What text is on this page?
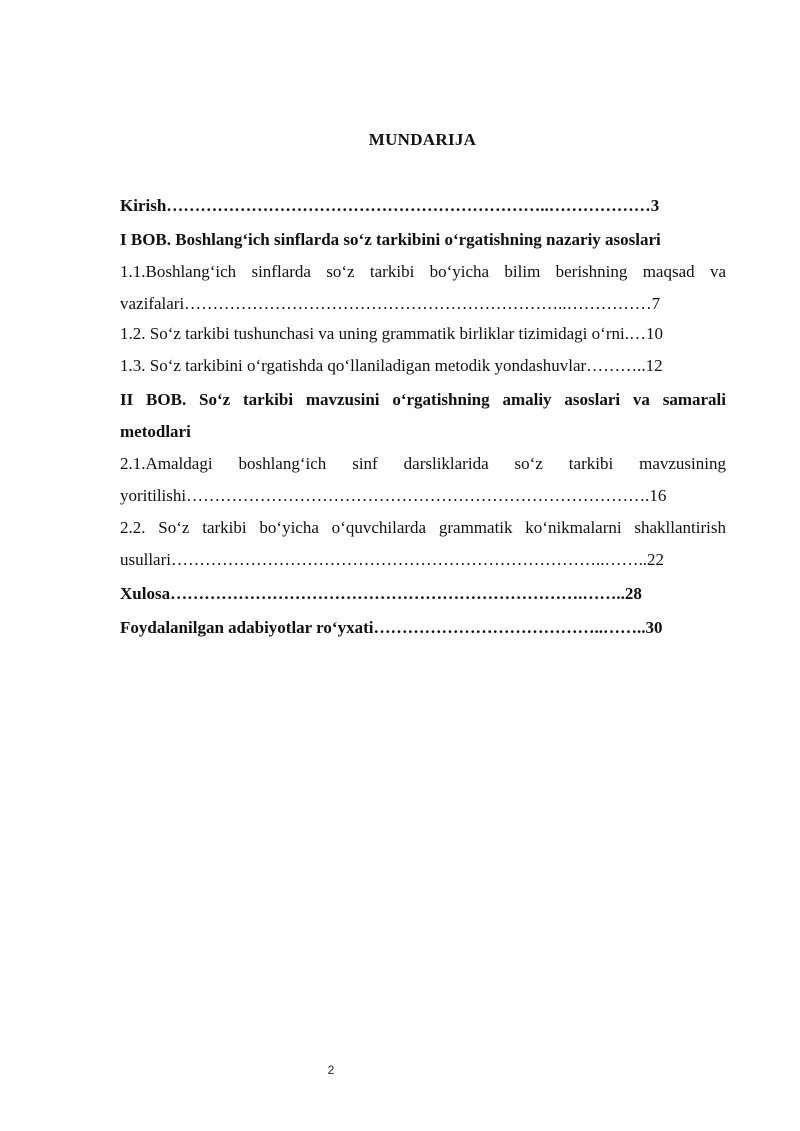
MUNDARIJA
Kirish…………………………………………………………..………………3
I BOB. Boshlangʻich sinflarda soʻz tarkibini oʻrgatishning nazariy asoslari
1.1.Boshlangʻich sinflarda soʻz tarkibi boʻyicha bilim berishning maqsad va
vazifalari…………………………………………………………..……………7
1.2. Soʻz tarkibi tushunchasi va uning grammatik birliklar tizimidagi oʻrni.…10
1.3. Soʻz tarkibini oʻrgatishda qoʻllaniladigan metodik yondashuvlar………..12
II BOB. Soʻz tarkibi mavzusini oʻrgatishning amaliy asoslari va samarali
metodlari
2.1.Amaldagi boshlangʻich sinf darsliklarida soʻz tarkibi mavzusining
yoritilishi……………………………………………………………………….16
2.2. Soʻz tarkibi boʻyicha oʻquvchilarda grammatik koʻnikmalarni shakllantirish
usullari…………………………………………………………………..……..22
Xulosa……………………………………………………………….……..28
Foydalanilgan adabiyotlar roʻyxati…………………………………..……..30
2
